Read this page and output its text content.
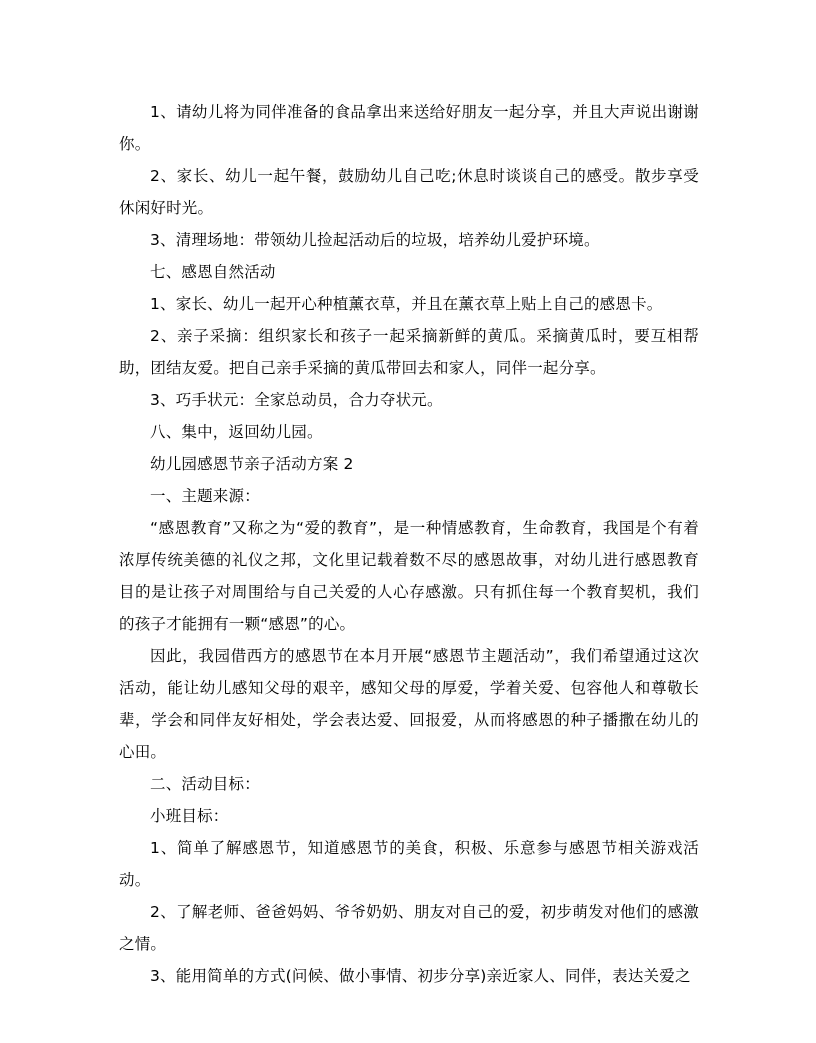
1、请幼儿将为同伴准备的食品拿出来送给好朋友一起分享，并且大声说出谢谢你。

2、家长、幼儿一起午餐，鼓励幼儿自己吃;休息时谈谈自己的感受。散步享受休闲好时光。

3、清理场地：带领幼儿捡起活动后的垃圾，培养幼儿爱护环境。

七、感恩自然活动

1、家长、幼儿一起开心种植薰衣草，并且在薰衣草上贴上自己的感恩卡。

2、亲子采摘：组织家长和孩子一起采摘新鲜的黄瓜。采摘黄瓜时，要互相帮助，团结友爱。把自己亲手采摘的黄瓜带回去和家人，同伴一起分享。

3、巧手状元：全家总动员，合力夺状元。

八、集中，返回幼儿园。

幼儿园感恩节亲子活动方案 2

一、主题来源：

“感恩教育”又称之为“爱的教育”，是一种情感教育，生命教育，我国是个有着浓厚传统美德的礼仪之邦，文化里记载着数不尽的感恩故事，对幼儿进行感恩教育目的是让孩子对周围给与自己关爱的人心存感激。只有抓住每一个教育契机，我们的孩子才能拥有一颗“感恩”的心。

因此，我园借西方的感恩节在本月开展“感恩节主题活动”，我们希望通过这次活动，能让幼儿感知父母的艰辛，感知父母的厚爱，学着关爱、包容他人和尊敬长辈，学会和同伴友好相处，学会表达爱、回报爱，从而将感恩的种子播撒在幼儿的心田。

二、活动目标：

小班目标：

1、简单了解感恩节，知道感恩节的美食，积极、乐意参与感恩节相关游戏活动。

2、了解老师、爸爸妈妈、爷爷奶奶、朋友对自己的爱，初步萌发对他们的感激之情。

3、能用简单的方式(问候、做小事情、初步分享)亲近家人、同伴，表达关爱之
